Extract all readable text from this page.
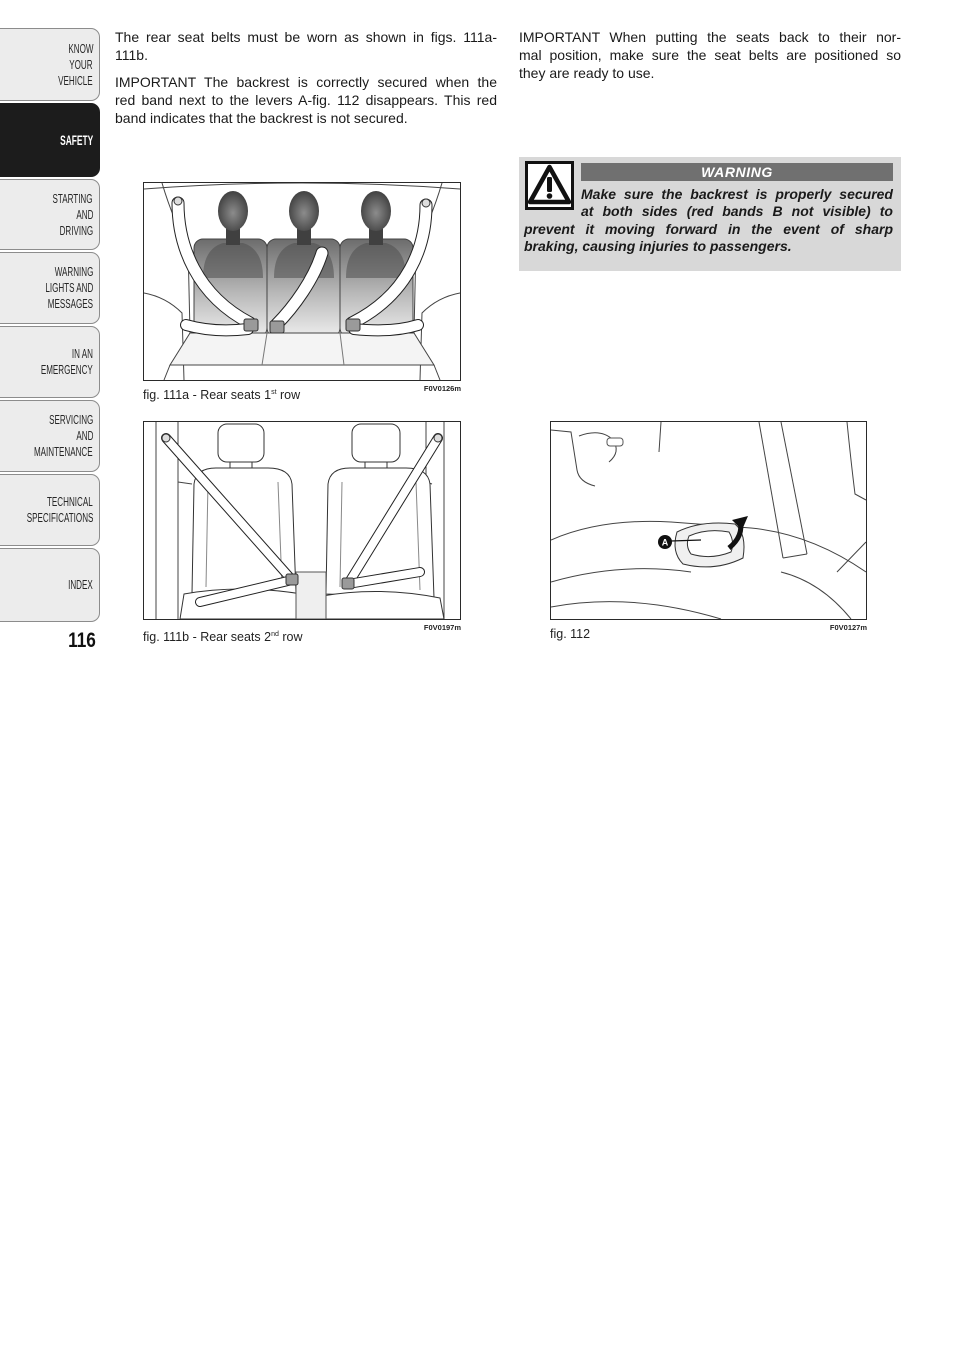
KNOW
YOUR
VEHICLE
SAFETY
STARTING
AND
DRIVING
WARNING
LIGHTS AND
MESSAGES
IN AN
EMERGENCY
SERVICING
AND
MAINTENANCE
TECHNICAL
SPECIFICATIONS
INDEX
116
The rear seat belts must be worn as shown in figs. 111a-
111b.
IMPORTANT The backrest is correctly secured when the
red band next to the levers A-fig. 112 disappears. This red
band indicates that the backrest is not secured.
IMPORTANT When putting the seats back to their nor-
mal position, make sure the seat belts are positioned so
they are ready to use.
WARNING
Make sure the backrest is properly secured
at both sides (red bands B not visible) to
prevent it moving forward in the event of sharp
braking, causing injuries to passengers.
fig. 111a - Rear seats 1st row	F0V0126m
fig. 111b - Rear seats 2nd row
F0V0197m
A
fig. 112	F0V0127m
